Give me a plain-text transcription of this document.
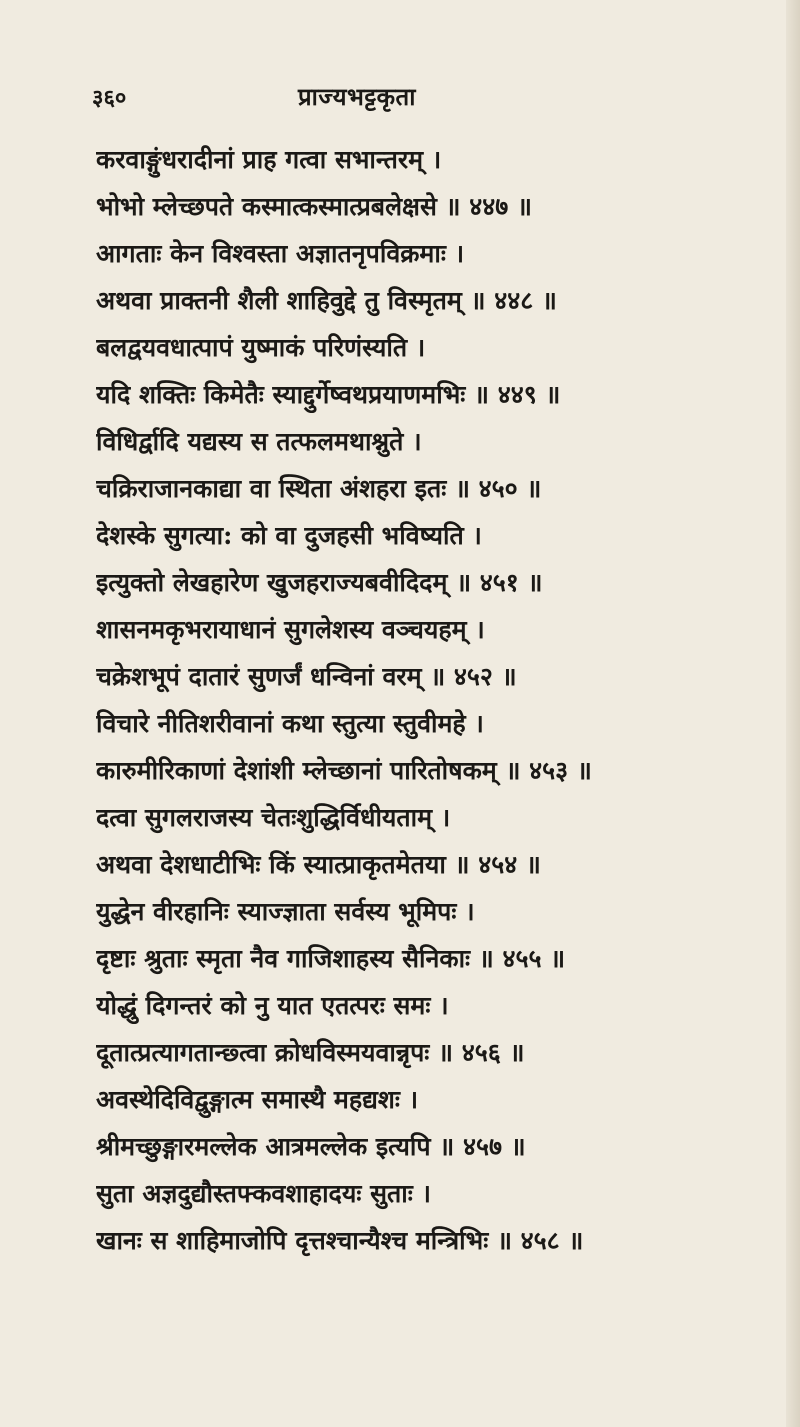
३६०	प्राज्यभट्टकृता
करवाङ्गुंधरादीनां प्राह गत्वा सभान्तरम् ।
भोभो म्लेच्छपते कस्मात्कस्मात्प्रबलेक्षसे ॥ ४४७ ॥
आगताः केन विश्वस्ता अज्ञातनृपविक्रमाः ।
अथवा प्राक्तनी शैली शाहिवुद्दे तु विस्मृतम् ॥ ४४८ ॥
बलद्वयवधात्पापं युष्माकं परिणंस्यति ।
यदि शक्तिः किमेतैः स्याद्दुर्गेष्वथप्रयाणमभिः ॥ ४४९ ॥
विधिर्द्वादि यद्यस्य स तत्फलमथाश्नुते ।
चक्रिराजानकाद्या वा स्थिता अंशहरा इतः ॥ ४५० ॥
देशस्के सुगत्या: को वा दुजहसी भविष्यति ।
इत्युक्तो लेखहारेण खुजहराज्यबवीदिदम् ॥ ४५१ ॥
शासनमकृभरायाधानं सुगलेशस्य वञ्चयहम् ।
चक्रेशभूपं दातारं सुणर्जं धन्विनां वरम् ॥ ४५२ ॥
विचारे नीतिशरीवानां कथा स्तुत्या स्तुवीमहे ।
कारुमीरिकाणां देशांशी म्लेच्छानां पारितोषकम् ॥ ४५३ ॥
दत्वा सुगलराजस्य चेतःशुद्धिर्विधीयताम् ।
अथवा देशधाटीभिः किं स्यात्प्राकृतमेतया ॥ ४५४ ॥
युद्धेन वीरहानिः स्याज्ज्ञाता सर्वस्य भूमिपः ।
दृष्टाः श्रुताः स्मृता नैव गाजिशाहस्य सैनिकाः ॥ ४५५ ॥
योद्धुं दिगन्तरं को नु यात एतत्परः समः ।
दूतात्प्रत्यागतान्छ्त्वा क्रोधविस्मयवान्नृपः ॥ ४५६ ॥
अवस्थेदिविद्वुङ्गात्म समास्थै महद्यशः ।
श्रीमच्छुङ्गारमल्लेक आत्रमल्लेक इत्यपि ॥ ४५७ ॥
सुता अज्ञदुद्यौस्तफ्कवशाहादयः सुताः ।
खानः स शाहिमाजोपि दृत्तश्चान्यैश्च मन्त्रिभिः ॥ ४५८ ॥
